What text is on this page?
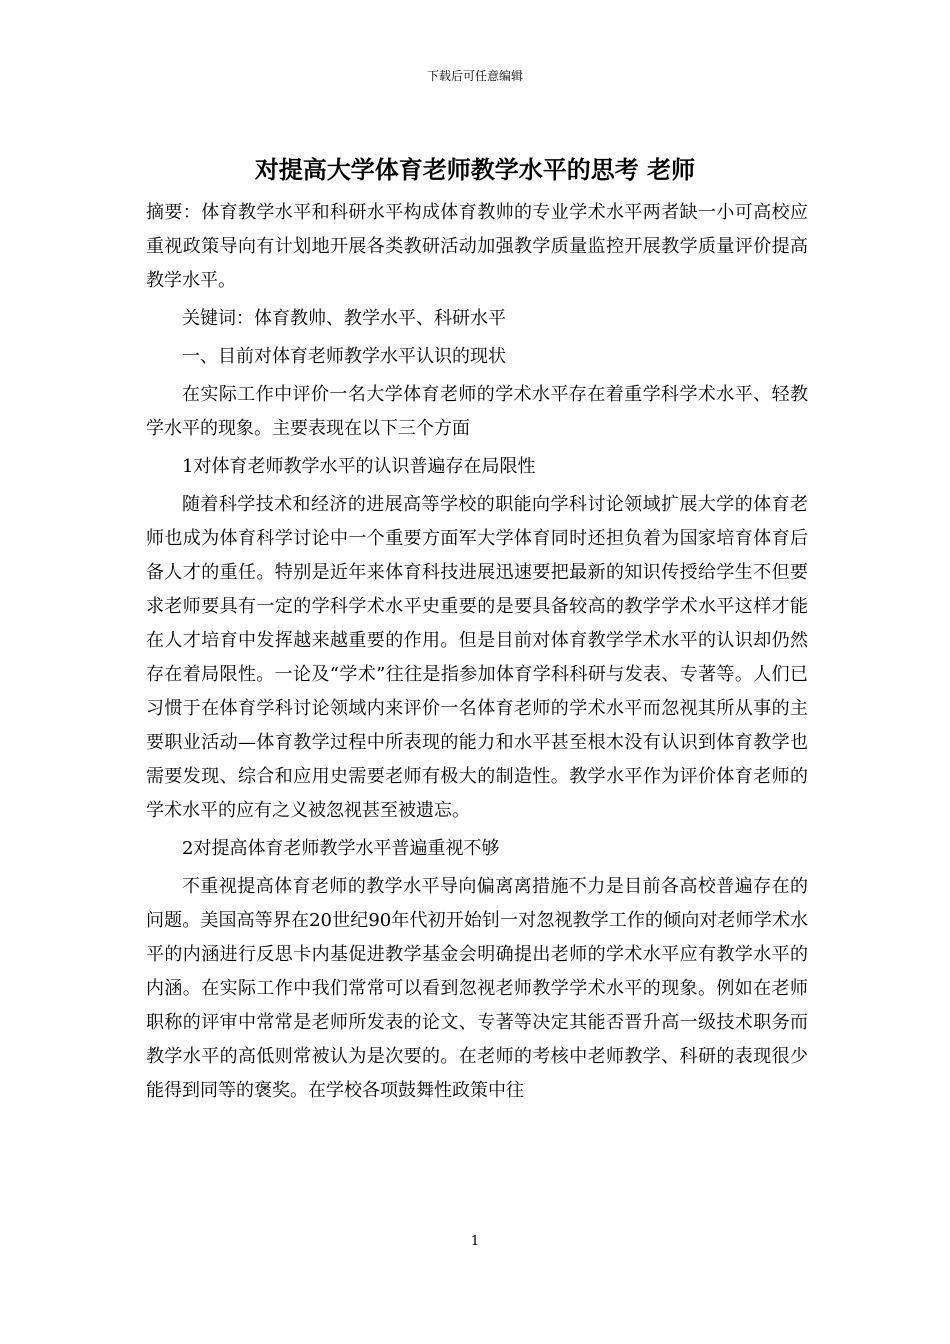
下载后可任意编辑
对提高大学体育老师教学水平的思考 老师

摘要：体育教学水平和科研水平构成体育教帅的专业学术水平两者缺一小可高校应重视政策导向有计划地开展各类教研活动加强教学质量监控开展教学质量评价提高教学水平。

关键词：体育教帅、教学水平、科研水平

一、目前对体育老师教学水平认识的现状

在实际工作中评价一名大学体育老师的学术水平存在着重学科学术水平、轻教学水平的现象。主要表现在以下三个方面

1对体育老师教学水平的认识普遍存在局限性

随着科学技术和经济的进展高等学校的职能向学科讨论领域扩展大学的体育老师也成为体育科学讨论中一个重要方面军大学体育同时还担负着为国家培育体育后备人才的重任。特别是近年来体育科技进展迅速要把最新的知识传授给学生不但要求老师要具有一定的学科学术水平史重要的是要具备较高的教学学术水平这样才能在人才培育中发挥越来越重要的作用。但是目前对体育教学学术水平的认识却仍然存在着局限性。一论及“学术”往往是指参加体育学科科研与发表、专著等。人们已习惯于在体育学科讨论领域内来评价一名体育老师的学术水平而忽视其所从事的主要职业活动—体育教学过程中所表现的能力和水平甚至根木没有认识到体育教学也需要发现、综合和应用史需要老师有极大的制造性。教学水平作为评价体育老师的学术水平的应有之义被忽视甚至被遗忘。

2对提高体育老师教学水平普遍重视不够

不重视提高体育老师的教学水平导向偏离离措施不力是目前各高校普遍存在的问题。美国高等界在20世纪90年代初开始钊一对忽视教学工作的倾向对老师学术水平的内涵进行反思卡内基促进教学基金会明确提出老师的学术水平应有教学水平的内涵。在实际工作中我们常常可以看到忽视老师教学学术水平的现象。例如在老师职称的评审中常常是老师所发表的论文、专著等决定其能否晋升高一级技术职务而教学水平的高低则常被认为是次要的。在老师的考核中老师教学、科研的表现很少能得到同等的褒奖。在学校各项鼓舞性政策中往

1
